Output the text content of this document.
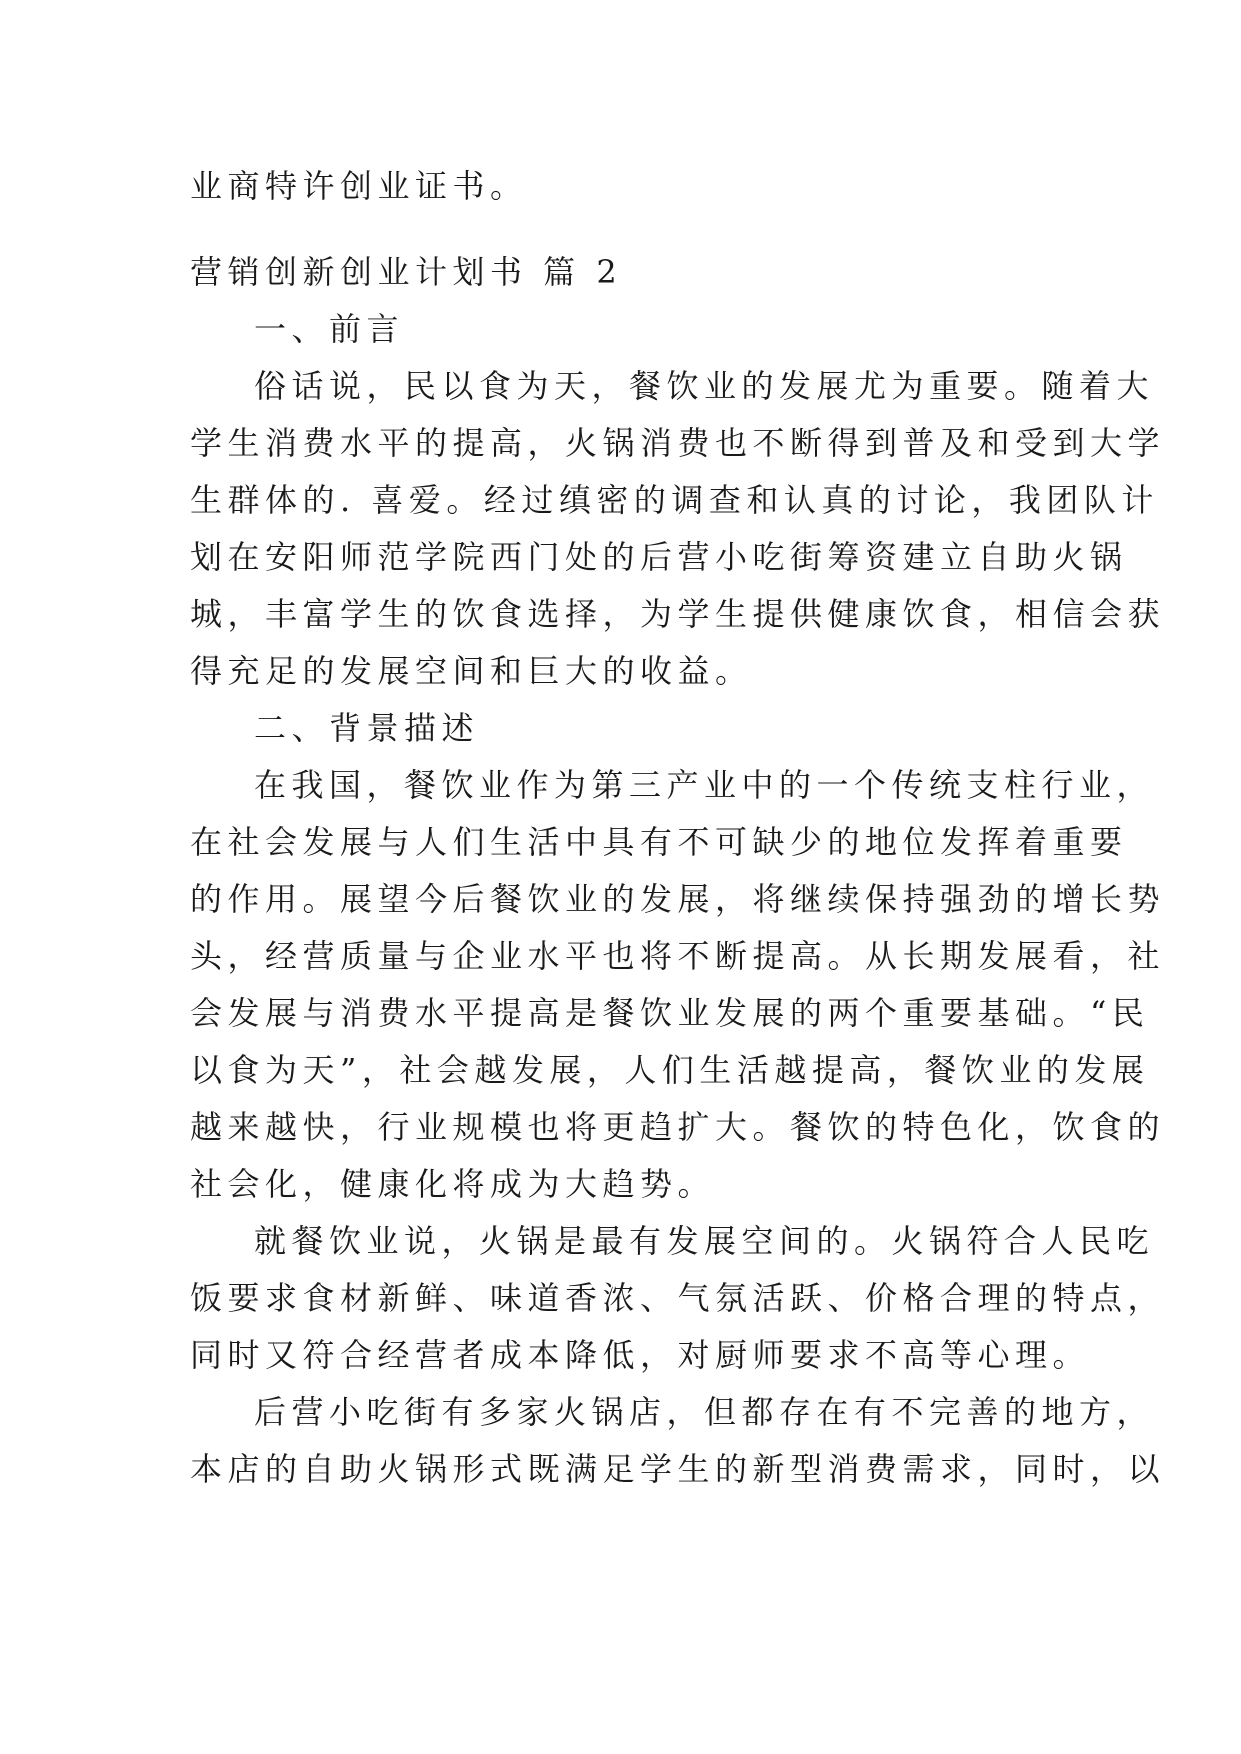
业商特许创业证书。
营销创新创业计划书 篇 2
一、前言
俗话说，民以食为天，餐饮业的发展尤为重要。随着大
学生消费水平的提高，火锅消费也不断得到普及和受到大学
生群体的. 喜爱。经过缜密的调查和认真的讨论，我团队计
划在安阳师范学院西门处的后营小吃街筹资建立自助火锅
城，丰富学生的饮食选择，为学生提供健康饮食，相信会获
得充足的发展空间和巨大的收益。
二、背景描述
在我国，餐饮业作为第三产业中的一个传统支柱行业，
在社会发展与人们生活中具有不可缺少的地位发挥着重要
的作用。展望今后餐饮业的发展，将继续保持强劲的增长势
头，经营质量与企业水平也将不断提高。从长期发展看，社
会发展与消费水平提高是餐饮业发展的两个重要基础。“民
以食为天”，社会越发展，人们生活越提高，餐饮业的发展
越来越快，行业规模也将更趋扩大。餐饮的特色化，饮食的
社会化，健康化将成为大趋势。
就餐饮业说，火锅是最有发展空间的。火锅符合人民吃
饭要求食材新鲜、味道香浓、气氛活跃、价格合理的特点，
同时又符合经营者成本降低，对厨师要求不高等心理。
后营小吃街有多家火锅店，但都存在有不完善的地方，
本店的自助火锅形式既满足学生的新型消费需求，同时，以
